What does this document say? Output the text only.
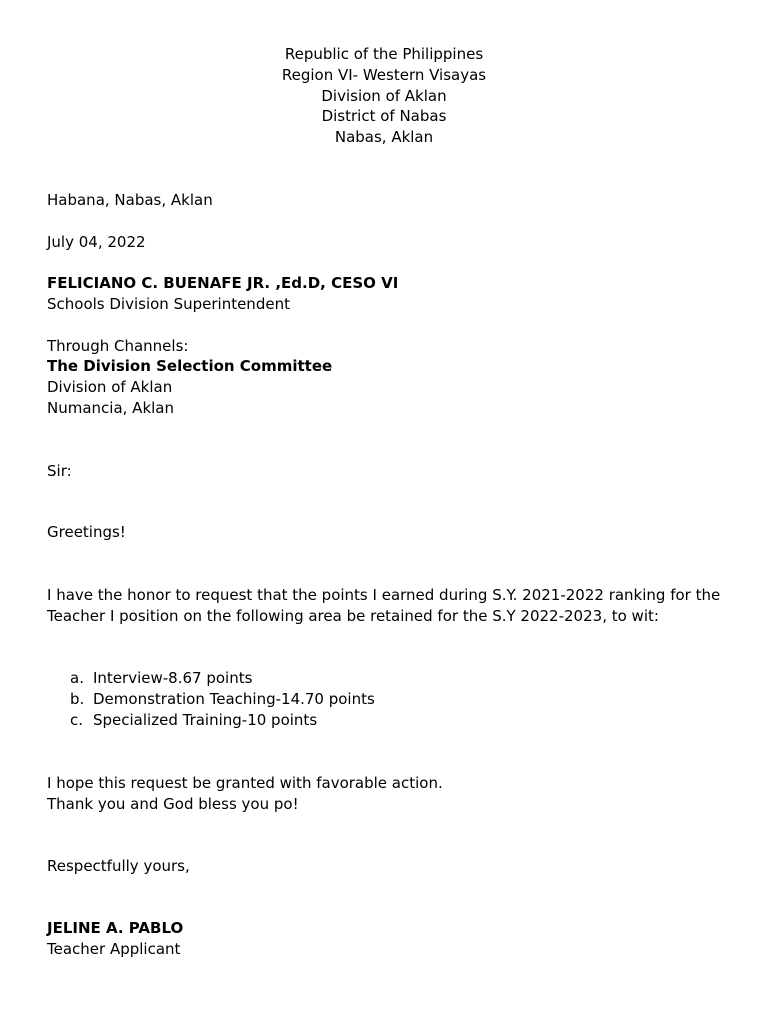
Republic of the Philippines
Region VI- Western Visayas
Division of Aklan
District of Nabas
Nabas, Aklan
Habana, Nabas, Aklan
July 04, 2022
FELICIANO C. BUENAFE JR. ,Ed.D, CESO VI
Schools Division Superintendent
Through Channels:
The Division Selection Committee
Division of Aklan
Numancia, Aklan
Sir:
Greetings!
I have the honor to request that the points I earned during S.Y. 2021-2022 ranking for the
Teacher I position on the following area be retained for the S.Y 2022-2023, to wit:
a. Interview-8.67 points
b. Demonstration Teaching-14.70 points
c. Specialized Training-10 points
I hope this request be granted with favorable action.
Thank you and God bless you po!
Respectfully yours,
JELINE A. PABLO
Teacher Applicant
